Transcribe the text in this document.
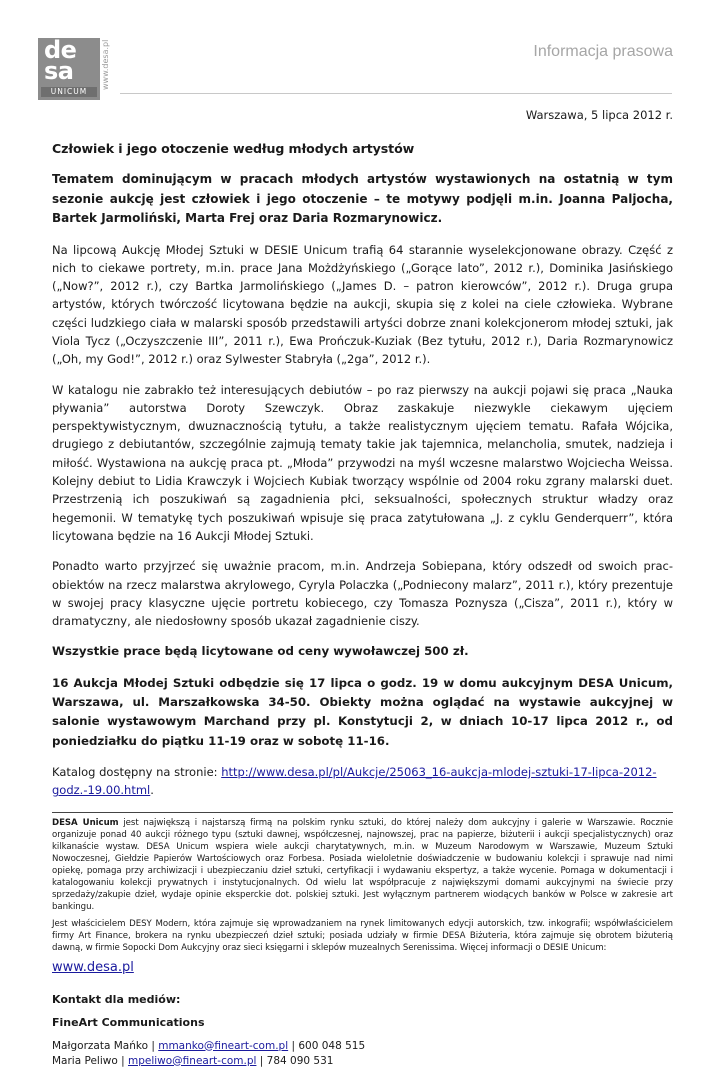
de
sa
UNICUM
www.desa.pl	Informacja prasowa

Warszawa, 5 lipca 2012 r.

Człowiek i jego otoczenie według młodych artystów

Tematem dominującym w pracach młodych artystów wystawionych na ostatnią w tym sezonie aukcję jest człowiek i jego otoczenie – te motywy podjęli m.in. Joanna Paljocha, Bartek Jarmoliński, Marta Frej oraz Daria Rozmarynowicz.

Na lipcową Aukcję Młodej Sztuki w DESIE Unicum trafią 64 starannie wyselekcjonowane obrazy. Część z nich to ciekawe portrety, m.in. prace Jana Możdżyńskiego („Gorące lato”, 2012 r.), Dominika Jasińskiego („Now?”, 2012 r.), czy Bartka Jarmolińskiego („James D. – patron kierowców”, 2012 r.). Druga grupa artystów, których twórczość licytowana będzie na aukcji, skupia się z kolei na ciele człowieka. Wybrane części ludzkiego ciała w malarski sposób przedstawili artyści dobrze znani kolekcjonerom młodej sztuki, jak Viola Tycz („Oczyszczenie III”, 2011 r.), Ewa Prończuk-Kuziak (Bez tytułu, 2012 r.), Daria Rozmarynowicz („Oh, my God!”, 2012 r.) oraz Sylwester Stabryła („2ga”, 2012 r.).

W katalogu nie zabrakło też interesujących debiutów – po raz pierwszy na aukcji pojawi się praca „Nauka pływania” autorstwa Doroty Szewczyk. Obraz zaskakuje niezwykle ciekawym ujęciem perspektywistycznym, dwuznacznością tytułu, a także realistycznym ujęciem tematu. Rafała Wójcika, drugiego z debiutantów, szczególnie zajmują tematy takie jak tajemnica, melancholia, smutek, nadzieja i miłość. Wystawiona na aukcję praca pt. „Młoda” przywodzi na myśl wczesne malarstwo Wojciecha Weissa. Kolejny debiut to Lidia Krawczyk i Wojciech Kubiak tworzący wspólnie od 2004 roku zgrany malarski duet. Przestrzenią ich poszukiwań są zagadnienia płci, seksualności, społecznych struktur władzy oraz hegemonii. W tematykę tych poszukiwań wpisuje się praca zatytułowana „J. z cyklu Genderquerr”, która licytowana będzie na 16 Aukcji Młodej Sztuki.

Ponadto warto przyjrzeć się uważnie pracom, m.in. Andrzeja Sobiepana, który odszedł od swoich prac-obiektów na rzecz malarstwa akrylowego, Cyryla Polaczka („Podniecony malarz”, 2011 r.), który prezentuje w swojej pracy klasyczne ujęcie portretu kobiecego, czy Tomasza Poznysza („Cisza”, 2011 r.), który w dramatyczny, ale niedosłowny sposób ukazał zagadnienie ciszy.

Wszystkie prace będą licytowane od ceny wywoławczej 500 zł.

16 Aukcja Młodej Sztuki odbędzie się 17 lipca o godz. 19 w domu aukcyjnym DESA Unicum, Warszawa, ul. Marszałkowska 34-50. Obiekty można oglądać na wystawie aukcyjnej w salonie wystawowym Marchand przy pl. Konstytucji 2, w dniach 10-17 lipca 2012 r., od poniedziałku do piątku 11-19 oraz w sobotę 11-16.

Katalog dostępny na stronie: http://www.desa.pl/pl/Aukcje/25063_16-aukcja-mlodej-sztuki-17-lipca-2012-godz.-19.00.html.

DESA Unicum jest największą i najstarszą firmą na polskim rynku sztuki, do której należy dom aukcyjny i galerie w Warszawie. Rocznie organizuje ponad 40 aukcji różnego typu (sztuki dawnej, współczesnej, najnowszej, prac na papierze, biżuterii i aukcji specjalistycznych) oraz kilkanaście wystaw. DESA Unicum wspiera wiele aukcji charytatywnych, m.in. w Muzeum Narodowym w Warszawie, Muzeum Sztuki Nowoczesnej, Giełdzie Papierów Wartościowych oraz Forbesa. Posiada wieloletnie doświadczenie w budowaniu kolekcji i sprawuje nad nimi opiekę, pomaga przy archiwizacji i ubezpieczaniu dzieł sztuki, certyfikacji i wydawaniu ekspertyz, a także wycenie. Pomaga w dokumentacji i katalogowaniu kolekcji prywatnych i instytucjonalnych. Od wielu lat współpracuje z największymi domami aukcyjnymi na świecie przy sprzedaży/zakupie dzieł, wydaje opinie eksperckie dot. polskiej sztuki. Jest wyłącznym partnerem wiodących banków w Polsce w zakresie art bankingu.

Jest właścicielem DESY Modern, która zajmuje się wprowadzaniem na rynek limitowanych edycji autorskich, tzw. inkografii; współwłaścicielem firmy Art Finance, brokera na rynku ubezpieczeń dzieł sztuki; posiada udziały w firmie DESA Biżuteria, która zajmuje się obrotem biżuterią dawną, w firmie Sopocki Dom Aukcyjny oraz sieci księgarni i sklepów muzealnych Serenissima. Więcej informacji o DESIE Unicum:

www.desa.pl

Kontakt dla mediów:

FineArt Communications

Małgorzata Mańko | mmanko@fineart-com.pl | 600 048 515

Maria Peliwo | mpeliwo@fineart-com.pl | 784 090 531
